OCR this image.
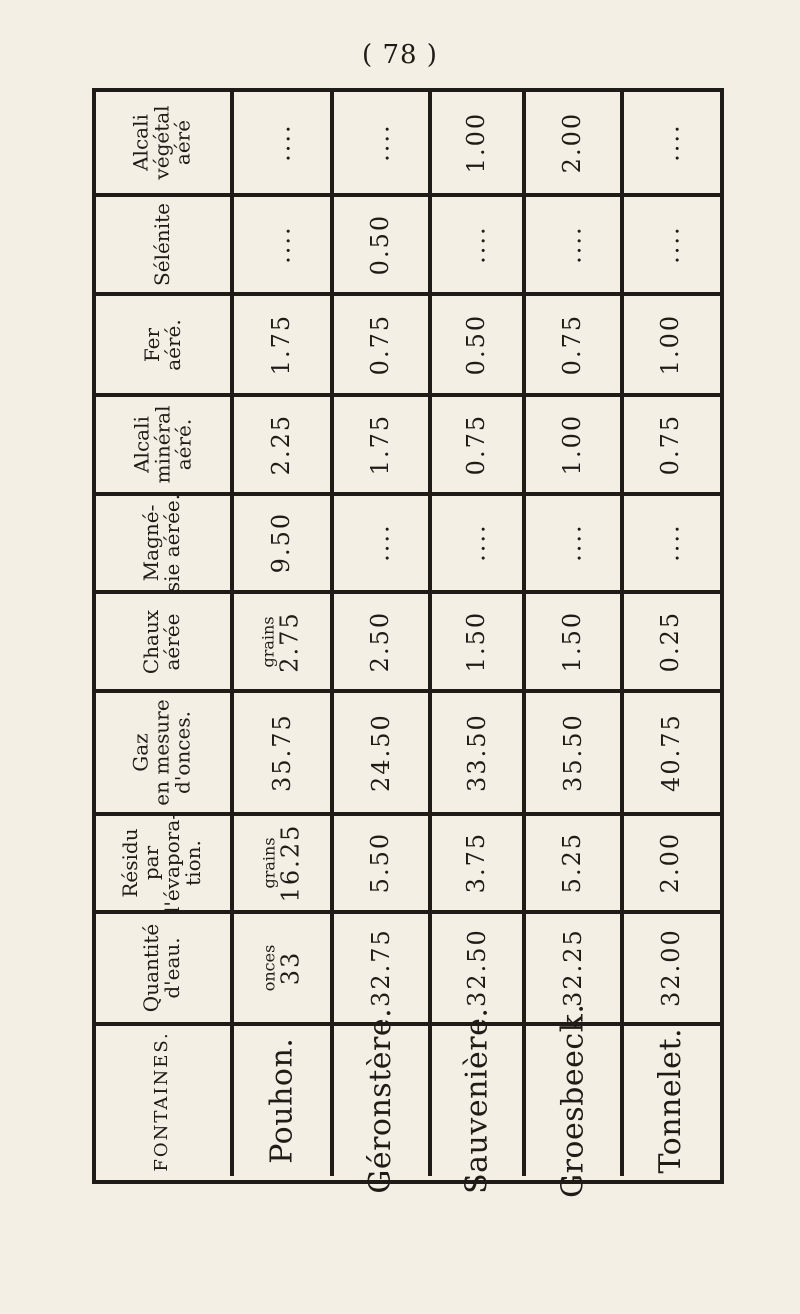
( 78 )
Alcali
végétal
aéré
Sélénite
Fer
aéré.
Alcali
minéral
aéré.
Magné-
sie aérée.
Chaux
aérée
Gaz
en mesure
d'onces.
Résidu
par
l'évapora-
tion.
Quantité
d'eau.
FONTAINES.
....
....
1.75
2.25
9.50
grains
2.75
35.75
grains
16.25
onces
33
Pouhon.
....
0.50
0.75
1.75
....
2.50
24.50
5.50
32.75
Géronstère.
1.00
....
0.50
0.75
....
1.50
33.50
3.75
32.50
Sauvenière.
2.00
....
0.75
1.00
....
1.50
35.50
5.25
32.25
Groesbeeck.
....
....
1.00
0.75
....
0.25
40.75
2.00
32.00
Tonnelet.
